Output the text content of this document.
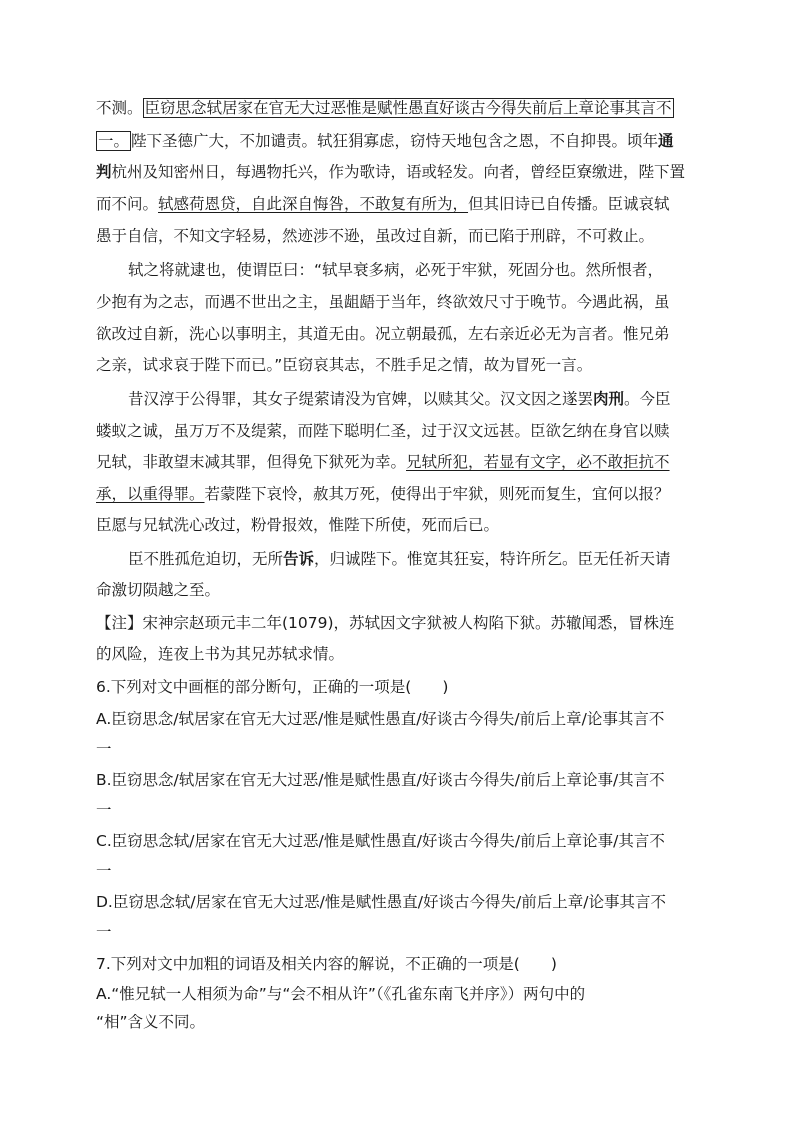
不测。 臣窃思念轼居家在官无大过恶惟是赋性愚直好谈古今得失前后上章论事其言不
一。 陛下圣德广大，不加谴责。轼狂狷寡虑，窃恃天地包含之恩，不自抑畏。顷年通
判杭州及知密州日，每遇物托兴，作为歌诗，语或轻发。向者，曾经臣寮缴进，陛下置
而不问。轼感荷恩贷，自此深自悔咎，不敢复有所为，但其旧诗已自传播。臣诚哀轼
愚于自信，不知文字轻易，然迹涉不逊，虽改过自新，而已陷于刑辟，不可救止。
轼之将就逮也，使谓臣曰：“轼早衰多病，必死于牢狱，死固分也。然所恨者，
少抱有为之志，而遇不世出之主，虽龃龉于当年，终欲效尺寸于晚节。今遇此祸，虽
欲改过自新，洗心以事明主，其道无由。况立朝最孤，左右亲近必无为言者。惟兄弟
之亲，试求哀于陛下而已。”臣窃哀其志，不胜手足之情，故为冒死一言。
昔汉淳于公得罪，其女子缇萦请没为官婢，以赎其父。汉文因之遂罢肉刑。今臣
蝼蚁之诚，虽万万不及缇萦，而陛下聪明仁圣，过于汉文远甚。臣欲乞纳在身官以赎
兄轼，非敢望末减其罪，但得免下狱死为幸。兄轼所犯，若显有文字，必不敢拒抗不
承，以重得罪。若蒙陛下哀怜，赦其万死，使得出于牢狱，则死而复生，宜何以报？
臣愿与兄轼洗心改过，粉骨报效，惟陛下所使，死而后已。
臣不胜孤危迫切，无所告诉，归诚陛下。惟宽其狂妄，特许所乞。臣无任祈天请
命激切陨越之至。
【注】宋神宗赵顼元丰二年(1079)，苏轼因文字狱被人构陷下狱。苏辙闻悉，冒株连
的风险，连夜上书为其兄苏轼求情。
6.下列对文中画框的部分断句，正确的一项是(　　)
A.臣窃思念/轼居家在官无大过恶/惟是赋性愚直/好谈古今得失/前后上章/论事其言不
一
B.臣窃思念/轼居家在官无大过恶/惟是赋性愚直/好谈古今得失/前后上章论事/其言不
一
C.臣窃思念轼/居家在官无大过恶/惟是赋性愚直/好谈古今得失/前后上章论事/其言不
一
D.臣窃思念轼/居家在官无大过恶/惟是赋性愚直/好谈古今得失/前后上章/论事其言不
一
7.下列对文中加粗的词语及相关内容的解说，不正确的一项是(　　)
A.“惟兄轼一人相须为命”与“会不相从许”（《孔雀东南飞并序》）两句中的
“相”含义不同。
